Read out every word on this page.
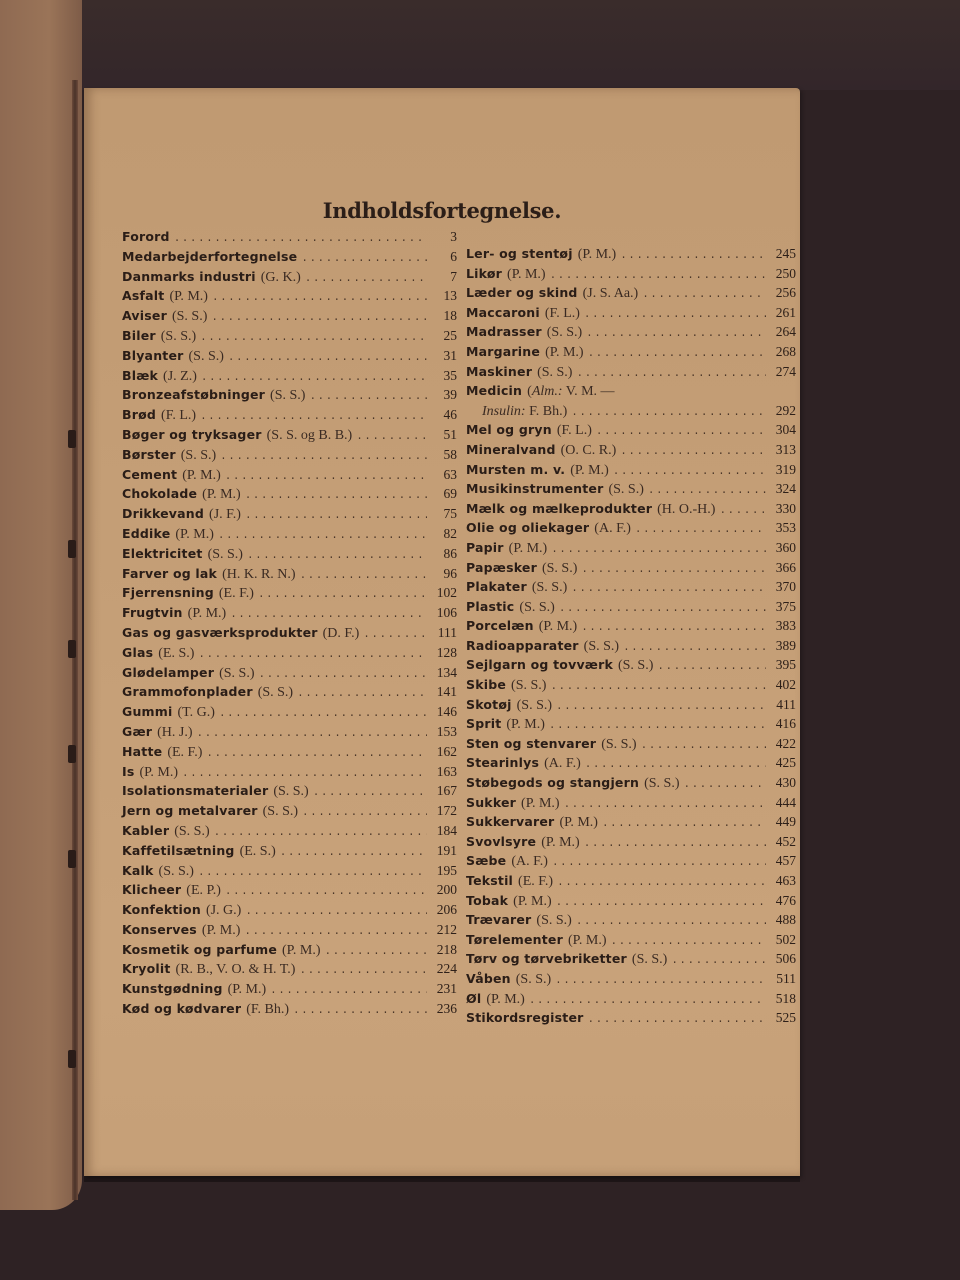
Indholdsfortegnelse.
Forord .....	3
Medarbejderfortegnelse .....	6
Danmarks industri (G. K.) .....	7
Asfalt (P. M.) .....	13
Aviser (S. S.) .....	18
Biler (S. S.) .....	25
Blyanter (S. S.) .....	31
Blæk (J. Z.) .....	35
Bronzeafstøbninger (S. S.) .....	39
Brød (F. L.) .....	46
Bøger og tryksager (S. S. og B. B.) .....	51
Børster (S. S.) .....	58
Cement (P. M.) .....	63
Chokolade (P. M.) .....	69
Drikkevand (J. F.) .....	75
Eddike (P. M.) .....	82
Elektricitet (S. S.) .....	86
Farver og lak (H. K. R. N.) .....	96
Fjerrensning (E. F.) .....	102
Frugtvin (P. M.) .....	106
Gas og gasværksprodukter (D. F.) .....	111
Glas (E. S.) .....	128
Glødelamper (S. S.) .....	134
Grammofonplader (S. S.) .....	141
Gummi (T. G.) .....	146
Gær (H. J.) .....	153
Hatte (E. F.) .....	162
Is (P. M.) .....	163
Isolationsmaterialer (S. S.) .....	167
Jern og metalvarer (S. S.) .....	172
Kabler (S. S.) .....	184
Kaffetilsætning (E. S.) .....	191
Kalk (S. S.) .....	195
Klicheer (E. P.) .....	200
Konfektion (J. G.) .....	206
Konserves (P. M.) .....	212
Kosmetik og parfume (P. M.) .....	218
Kryolit (R. B., V. O. & H. T.) .....	224
Kunstgødning (P. M.) .....	231
Kød og kødvarer (F. Bh.) .....	236
Ler- og stentøj (P. M.) .....	245
Likør (P. M.) .....	250
Læder og skind (J. S. Aa.) .....	256
Maccaroni (F. L.) .....	261
Madrasser (S. S.) .....	264
Margarine (P. M.) .....	268
Maskiner (S. S.) .....	274
Medicin (Alm.: V. M. —
Insulin: F. Bh.) .....	292
Mel og gryn (F. L.) .....	304
Mineralvand (O. C. R.) .....	313
Mursten m. v. (P. M.) .....	319
Musikinstrumenter (S. S.) .....	324
Mælk og mælkeprodukter (H. O.-H.) .....	330
Olie og oliekager (A. F.) .....	353
Papir (P. M.) .....	360
Papæsker (S. S.) .....	366
Plakater (S. S.) .....	370
Plastic (S. S.) .....	375
Porcelæn (P. M.) .....	383
Radioapparater (S. S.) .....	389
Sejlgarn og tovværk (S. S.) .....	395
Skibe (S. S.) .....	402
Skotøj (S. S.) .....	411
Sprit (P. M.) .....	416
Sten og stenvarer (S. S.) .....	422
Stearinlys (A. F.) .....	425
Støbegods og stangjern (S. S.) .....	430
Sukker (P. M.) .....	444
Sukkervarer (P. M.) .....	449
Svovlsyre (P. M.) .....	452
Sæbe (A. F.) .....	457
Tekstil (E. F.) .....	463
Tobak (P. M.) .....	476
Trævarer (S. S.) .....	488
Tørelementer (P. M.) .....	502
Tørv og tørvebriketter (S. S.) .....	506
Våben (S. S.) .....	511
Øl (P. M.) .....	518
Stikordsregister .....	525
